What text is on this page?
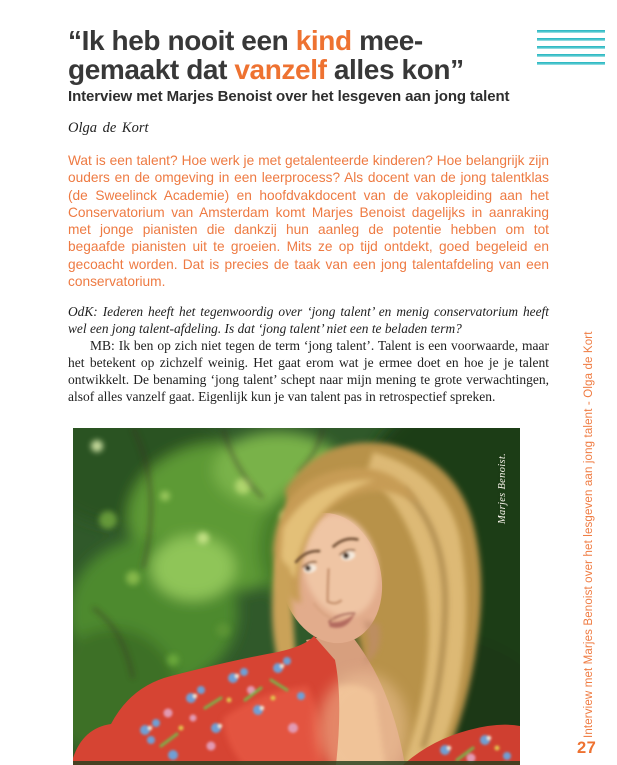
“Ik heb nooit een kind mee-
gemaakt dat vanzelf alles kon”
Interview met Marjes Benoist over het lesgeven aan jong talent
Olga de Kort

Wat is een talent? Hoe werk je met getalenteerde kinderen? Hoe belangrijk zijn ouders en de omgeving in een leerprocess? Als docent van de jong talentklas (de Sweelinck Academie) en hoofdvakdocent van de vakopleiding aan het Conservatorium van Amsterdam komt Marjes Benoist dagelijks in aanraking met jonge pianisten die dankzij hun aanleg de potentie hebben om tot begaafde pianisten uit te groeien. Mits ze op tijd ontdekt, goed begeleid en gecoacht worden. Dat is precies de taak van een jong talentafdeling van een conservatorium.

OdK: Iederen heeft het tegenwoordig over ‘jong talent’ en menig conservatorium heeft wel een jong talent-afdeling. Is dat ‘jong talent’ niet een te beladen term?

MB: Ik ben op zich niet tegen de term ‘jong talent’. Talent is een voorwaarde, maar het betekent op zichzelf weinig. Het gaat erom wat je ermee doet en hoe je je talent ontwikkelt. De benaming ‘jong talent’ schept naar mijn mening te grote verwachtingen, alsof alles vanzelf gaat. Eigenlijk kun je van talent pas in retrospectief spreken.

Marjes Benoist.	Interview met Marjes Benoist over het lesgeven aan jong talent - Olga de Kort
27
